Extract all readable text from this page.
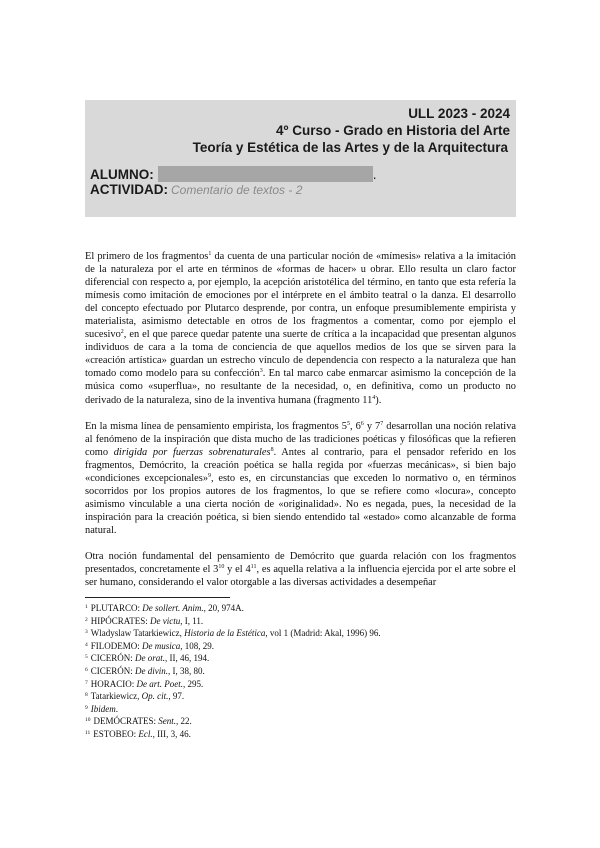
ULL 2023 - 2024
4º Curso - Grado en Historia del Arte
Teoría y Estética de las Artes y de la Arquitectura
ALUMNO:	.
ACTIVIDAD: Comentario de textos - 2

El primero de los fragmentos$^1$ da cuenta de una particular noción de «mímesis» relativa a la imitación de la naturaleza por el arte en términos de «formas de hacer» u obrar. Ello resulta un claro factor diferencial con respecto a, por ejemplo, la acepción aristotélica del término, en tanto que esta refería la mímesis como imitación de emociones por el intérprete en el ámbito teatral o la danza. El desarrollo del concepto efectuado por Plutarco desprende, por contra, un enfoque presumiblemente empirista y materialista, asimismo detectable en otros de los fragmentos a comentar, como por ejemplo el sucesivo$^2$, en el que parece quedar patente una suerte de crítica a la incapacidad que presentan algunos individuos de cara a la toma de conciencia de que aquellos medios de los que se sirven para la «creación artística» guardan un estrecho vínculo de dependencia con respecto a la naturaleza que han tomado como modelo para su confección$^3$. En tal marco cabe enmarcar asimismo la concepción de la música como «superflua», no resultante de la necesidad, o, en definitiva, como un producto no derivado de la naturaleza, sino de la inventiva humana (fragmento $11^4$).

En la misma línea de pensamiento empirista, los fragmentos $5^5$, $6^6$ y $7^7$ desarrollan una noción relativa al fenómeno de la inspiración que dista mucho de las tradiciones poéticas y filosóficas que la refieren como dirigida por fuerzas sobrenaturales$^8$. Antes al contrario, para el pensador referido en los fragmentos, Demócrito, la creación poética se halla regida por «fuerzas mecánicas», si bien bajo «condiciones excepcionales»$^9$, esto es, en circunstancias que exceden lo normativo o, en términos socorridos por los propios autores de los fragmentos, lo que se refiere como «locura», concepto asimismo vinculable a una cierta noción de «originalidad». No es negada, pues, la necesidad de la inspiración para la creación poética, si bien siendo entendido tal «estado» como alcanzable de forma natural.

Otra noción fundamental del pensamiento de Demócrito que guarda relación con los fragmentos presentados, concretamente el $3^{10}$ y el $4^{11}$, es aquella relativa a la influencia ejercida por el arte sobre el ser humano, considerando el valor otorgable a las diversas actividades a desempeñar

$^1$ PLUTARCO: De sollert. Anim., 20, 974A.
$^2$ HIPÓCRATES: De victu, I, 11.
$^3$ Wladyslaw Tatarkiewicz, Historia de la Estética, vol 1 (Madrid: Akal, 1996) 96.
$^4$ FILODEMO: De musica, 108, 29.
$^5$ CICERÓN: De orat., II, 46, 194.
$^6$ CICERÓN: De divin., I, 38, 80.
$^7$ HORACIO: De art. Poet., 295.
$^8$ Tatarkiewicz, Op. cit., 97.
$^9$ Ibidem.
$^{10}$ DEMÓCRATES: Sent., 22.
$^{11}$ ESTOBEO: Ecl., III, 3, 46.
